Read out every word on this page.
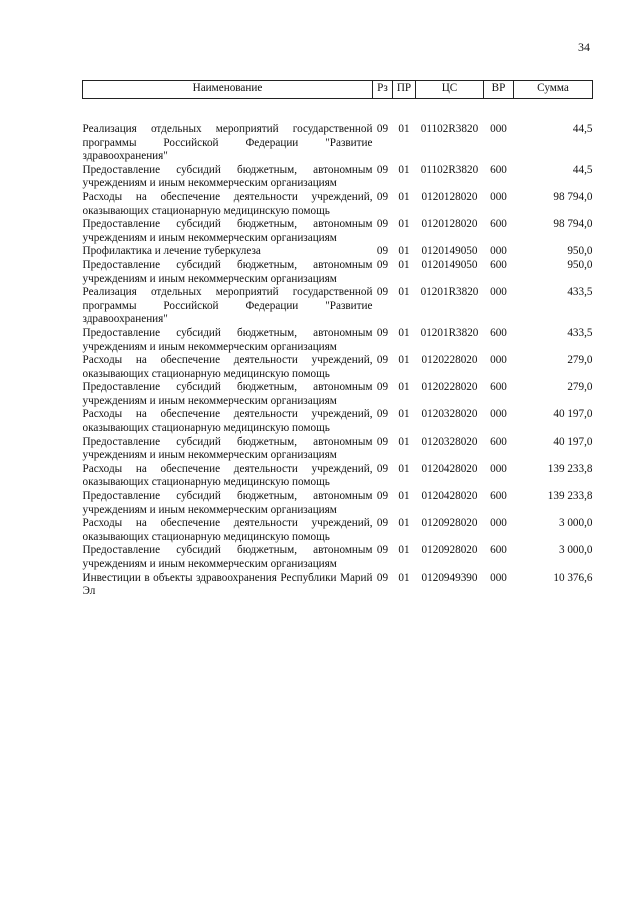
34
Наименование	Рз	ПР	ЦС	ВР	Сумма
Реализация отдельных мероприятий государственной программы Российской Федерации "Развитие здравоохранения"	09	01	01102R3820	000	44,5
Предоставление субсидий бюджетным, автономным учреждениям и иным некоммерческим организациям	09	01	01102R3820	600	44,5
Расходы на обеспечение деятельности учреждений, оказывающих стационарную медицинскую помощь	09	01	0120128020	000	98 794,0
Предоставление субсидий бюджетным, автономным учреждениям и иным некоммерческим организациям	09	01	0120128020	600	98 794,0
Профилактика и лечение туберкулеза	09	01	0120149050	000	950,0
Предоставление субсидий бюджетным, автономным учреждениям и иным некоммерческим организациям	09	01	0120149050	600	950,0
Реализация отдельных мероприятий государственной программы Российской Федерации "Развитие здравоохранения"	09	01	01201R3820	000	433,5
Предоставление субсидий бюджетным, автономным учреждениям и иным некоммерческим организациям	09	01	01201R3820	600	433,5
Расходы на обеспечение деятельности учреждений, оказывающих стационарную медицинскую помощь	09	01	0120228020	000	279,0
Предоставление субсидий бюджетным, автономным учреждениям и иным некоммерческим организациям	09	01	0120228020	600	279,0
Расходы на обеспечение деятельности учреждений, оказывающих стационарную медицинскую помощь	09	01	0120328020	000	40 197,0
Предоставление субсидий бюджетным, автономным учреждениям и иным некоммерческим организациям	09	01	0120328020	600	40 197,0
Расходы на обеспечение деятельности учреждений, оказывающих стационарную медицинскую помощь	09	01	0120428020	000	139 233,8
Предоставление субсидий бюджетным, автономным учреждениям и иным некоммерческим организациям	09	01	0120428020	600	139 233,8
Расходы на обеспечение деятельности учреждений, оказывающих стационарную медицинскую помощь	09	01	0120928020	000	3 000,0
Предоставление субсидий бюджетным, автономным учреждениям и иным некоммерческим организациям	09	01	0120928020	600	3 000,0
Инвестиции в объекты здравоохранения Республики Марий Эл	09	01	0120949390	000	10 376,6
